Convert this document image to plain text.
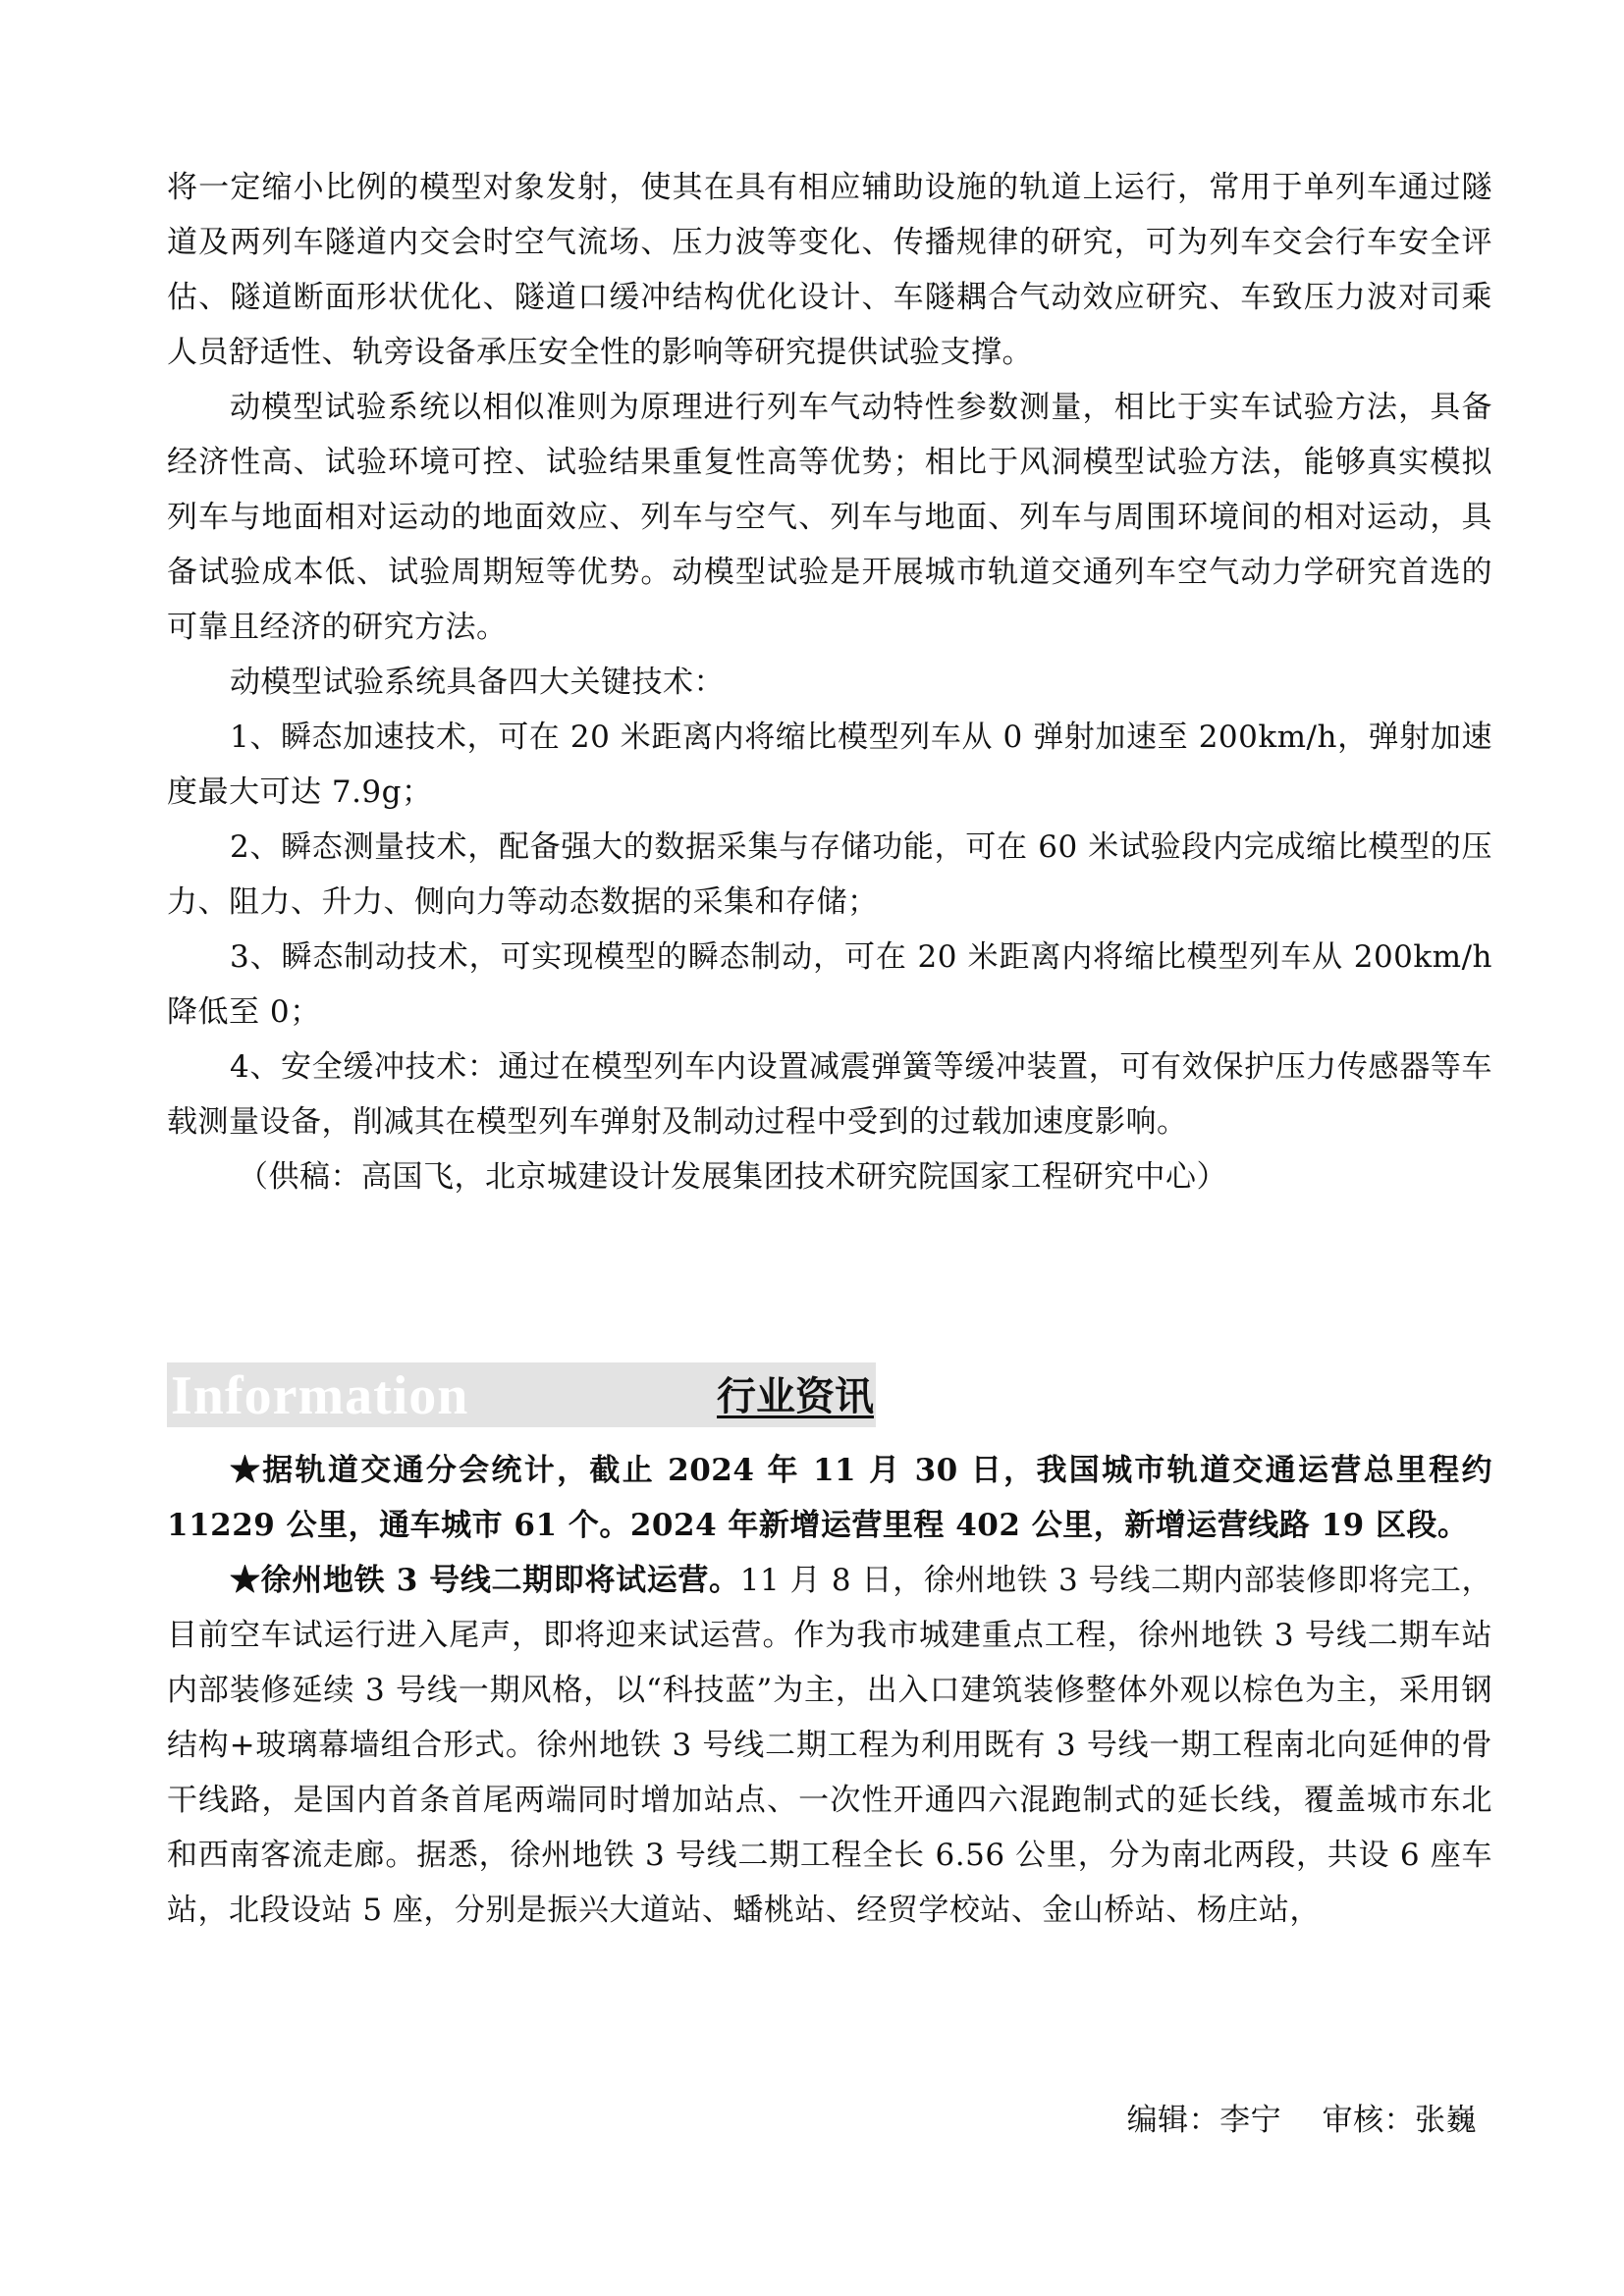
将一定缩小比例的模型对象发射，使其在具有相应辅助设施的轨道上运行，常用于单列车通过隧道及两列车隧道内交会时空气流场、压力波等变化、传播规律的研究，可为列车交会行车安全评估、隧道断面形状优化、隧道口缓冲结构优化设计、车隧耦合气动效应研究、车致压力波对司乘人员舒适性、轨旁设备承压安全性的影响等研究提供试验支撑。

动模型试验系统以相似准则为原理进行列车气动特性参数测量，相比于实车试验方法，具备经济性高、试验环境可控、试验结果重复性高等优势；相比于风洞模型试验方法，能够真实模拟列车与地面相对运动的地面效应、列车与空气、列车与地面、列车与周围环境间的相对运动，具备试验成本低、试验周期短等优势。动模型试验是开展城市轨道交通列车空气动力学研究首选的可靠且经济的研究方法。

动模型试验系统具备四大关键技术：

1、瞬态加速技术，可在 20 米距离内将缩比模型列车从 0 弹射加速至 200km/h，弹射加速度最大可达 7.9g；

2、瞬态测量技术，配备强大的数据采集与存储功能，可在 60 米试验段内完成缩比模型的压力、阻力、升力、侧向力等动态数据的采集和存储；

3、瞬态制动技术，可实现模型的瞬态制动，可在 20 米距离内将缩比模型列车从 200km/h 降低至 0；

4、安全缓冲技术：通过在模型列车内设置减震弹簧等缓冲装置，可有效保护压力传感器等车载测量设备，削减其在模型列车弹射及制动过程中受到的过载加速度影响。

（供稿：高国飞，北京城建设计发展集团技术研究院国家工程研究中心）

Information	行业资讯

★据轨道交通分会统计，截止 2024 年 11 月 30 日，我国城市轨道交通运营总里程约 11229 公里，通车城市 61 个。2024 年新增运营里程 402 公里，新增运营线路 19 区段。

★徐州地铁 3 号线二期即将试运营。11 月 8 日，徐州地铁 3 号线二期内部装修即将完工，目前空车试运行进入尾声，即将迎来试运营。作为我市城建重点工程，徐州地铁 3 号线二期车站内部装修延续 3 号线一期风格，以“科技蓝”为主，出入口建筑装修整体外观以棕色为主，采用钢结构+玻璃幕墙组合形式。徐州地铁 3 号线二期工程为利用既有 3 号线一期工程南北向延伸的骨干线路，是国内首条首尾两端同时增加站点、一次性开通四六混跑制式的延长线，覆盖城市东北和西南客流走廊。据悉，徐州地铁 3 号线二期工程全长 6.56 公里，分为南北两段，共设 6 座车站，北段设站 5 座，分别是振兴大道站、蟠桃站、经贸学校站、金山桥站、杨庄站，

编辑：李宁 审核：张巍
